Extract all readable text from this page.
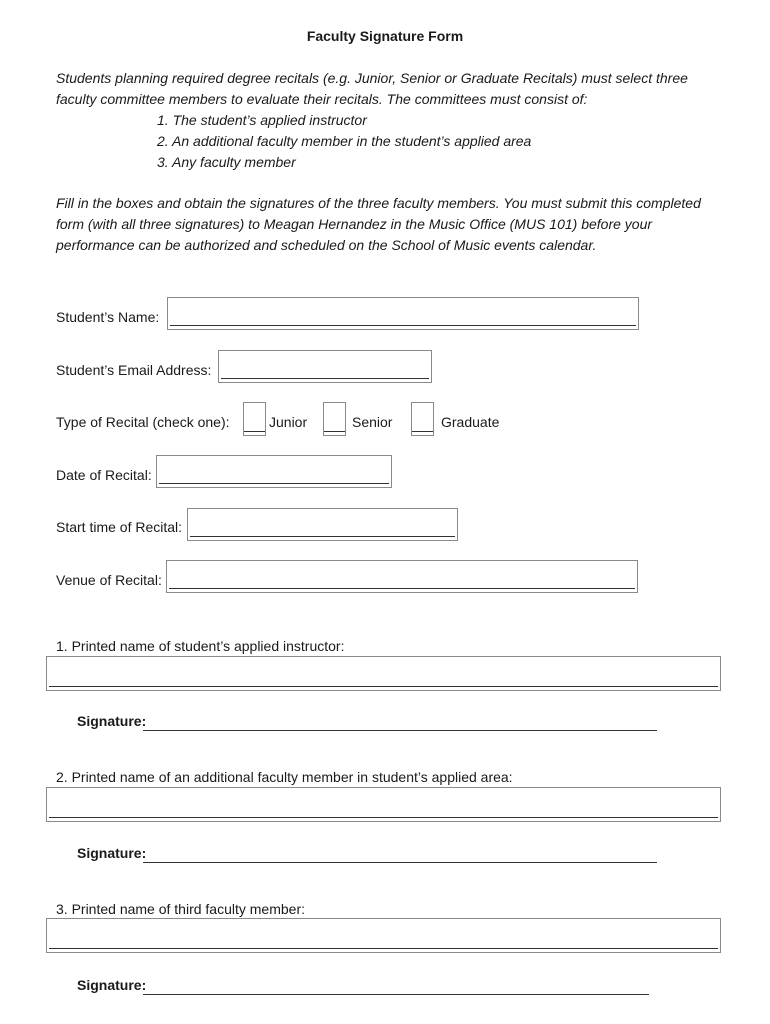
Faculty Signature Form

Students planning required degree recitals (e.g. Junior, Senior or Graduate Recitals) must select three

faculty committee members to evaluate their recitals. The committees must consist of:

1. The student’s applied instructor
2. An additional faculty member in the student’s applied area
3. Any faculty member
Fill in the boxes and obtain the signatures of the three faculty members. You must submit this completed
form (with all three signatures) to Meagan Hernandez in the Music Office (MUS 101) before your
performance can be authorized and scheduled on the School of Music events calendar.
Student’s Name:
Student’s Email Address:
Type of Recital (check one):	Junior	Senior	Graduate
Date of Recital:
Start time of Recital:
Venue of Recital:
1. Printed name of student’s applied instructor:
Signature:
2. Printed name of an additional faculty member in student’s applied area:
Signature:
3. Printed name of third faculty member:
Signature:
